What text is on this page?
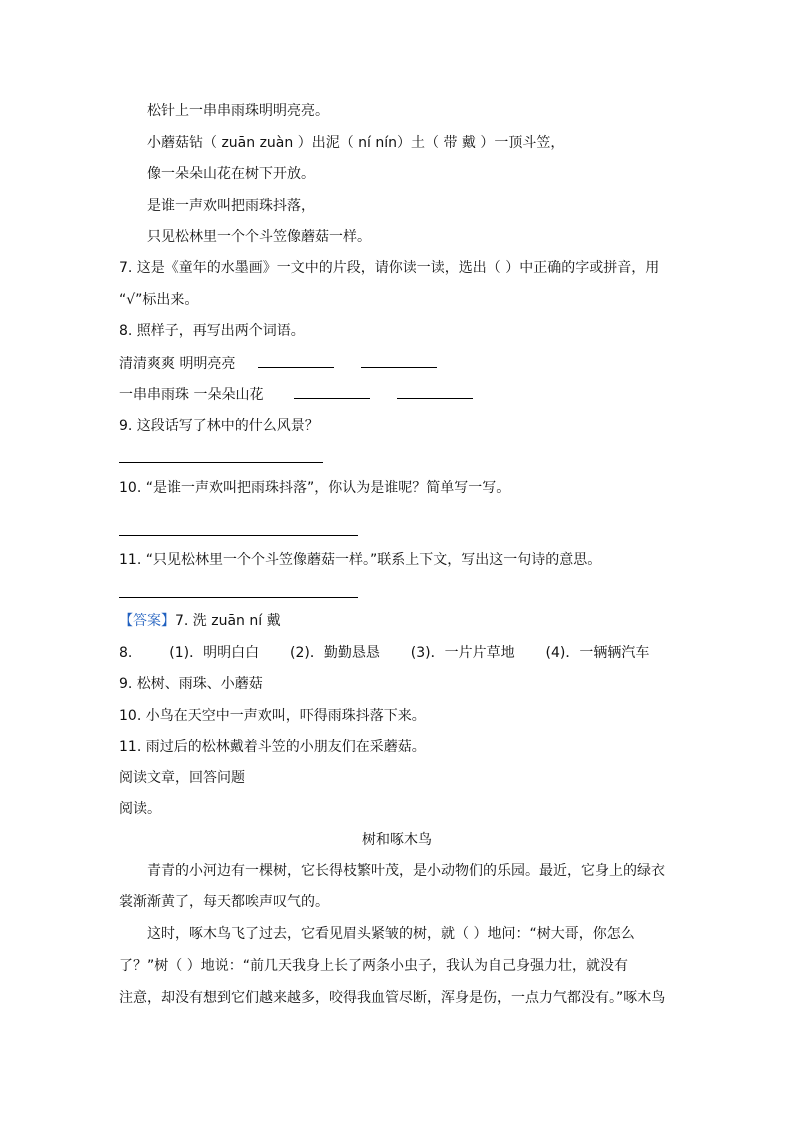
松针上一串串雨珠明明亮亮。
小蘑菇钻（ zuān zuàn ）出泥（ ní nín）土（ 带 戴 ）一顶斗笠，
像一朵朵山花在树下开放。
是谁一声欢叫把雨珠抖落，
只见松林里一个个斗笠像蘑菇一样。
7. 这是《童年的水墨画》一文中的片段，请你读一读，选出（ ）中正确的字或拼音，用
“√”标出来。
8. 照样子，再写出两个词语。
清清爽爽 明明亮亮
一串串雨珠 一朵朵山花
9. 这段话写了林中的什么风景？
10. “是谁一声欢叫把雨珠抖落”，你认为是谁呢？简单写一写。
11. “只见松林里一个个斗笠像蘑菇一样。”联系上下文，写出这一句诗的意思。
【答案】7. 洗 zuān ní 戴
8.	(1)．明明白白 (2)．勤勤恳恳 (3)．一片片草地 (4)．一辆辆汽车
9. 松树、雨珠、小蘑菇
10. 小鸟在天空中一声欢叫，吓得雨珠抖落下来。
11. 雨过后的松林戴着斗笠的小朋友们在采蘑菇。
阅读文章，回答问题
阅读。
树和啄木鸟
青青的小河边有一棵树，它长得枝繁叶茂，是小动物们的乐园。最近，它身上的绿衣
裳渐渐黄了，每天都唉声叹气的。
这时，啄木鸟飞了过去，它看见眉头紧皱的树，就（ ）地问：“树大哥，你怎么
了？”树（ ）地说：“前几天我身上长了两条小虫子，我认为自己身强力壮，就没有
注意，却没有想到它们越来越多，咬得我血管尽断，浑身是伤，一点力气都没有。”啄木鸟
